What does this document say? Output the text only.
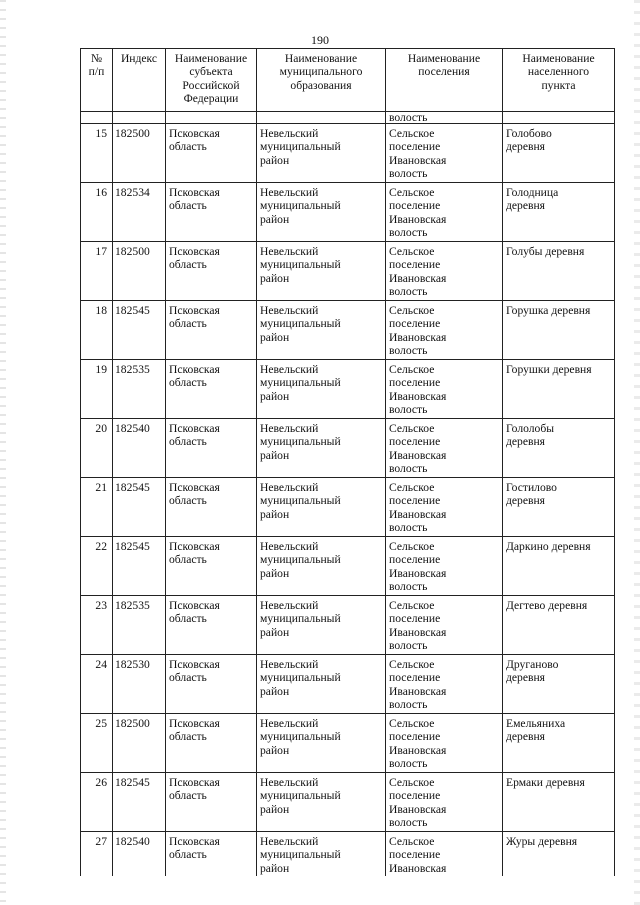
190
№
п/п	Индекс	Наименование
субъекта
Российской
Федерации	Наименование
муниципального
образования	Наименование
поселения	Наименование
населенного
пункта

				волость	

15	182500	Псковская
область	Невельский
муниципальный
район	Сельское
поселение
Ивановская
волость	Голобово
деревня

16	182534	Псковская
область	Невельский
муниципальный
район	Сельское
поселение
Ивановская
волость	Голодница
деревня

17	182500	Псковская
область	Невельский
муниципальный
район	Сельское
поселение
Ивановская
волость	Голубы деревня

18	182545	Псковская
область	Невельский
муниципальный
район	Сельское
поселение
Ивановская
волость	Горушка деревня

19	182535	Псковская
область	Невельский
муниципальный
район	Сельское
поселение
Ивановская
волость	Горушки деревня

20	182540	Псковская
область	Невельский
муниципальный
район	Сельское
поселение
Ивановская
волость	Гололобы
деревня

21	182545	Псковская
область	Невельский
муниципальный
район	Сельское
поселение
Ивановская
волость	Гостилово
деревня

22	182545	Псковская
область	Невельский
муниципальный
район	Сельское
поселение
Ивановская
волость	Даркино деревня

23	182535	Псковская
область	Невельский
муниципальный
район	Сельское
поселение
Ивановская
волость	Дегтево деревня

24	182530	Псковская
область	Невельский
муниципальный
район	Сельское
поселение
Ивановская
волость	Друганово
деревня

25	182500	Псковская
область	Невельский
муниципальный
район	Сельское
поселение
Ивановская
волость	Емельяниха
деревня

26	182545	Псковская
область	Невельский
муниципальный
район	Сельское
поселение
Ивановская
волость	Ермаки деревня

27	182540	Псковская
область	Невельский
муниципальный
район	Сельское
поселение
Ивановская	Журы деревня
